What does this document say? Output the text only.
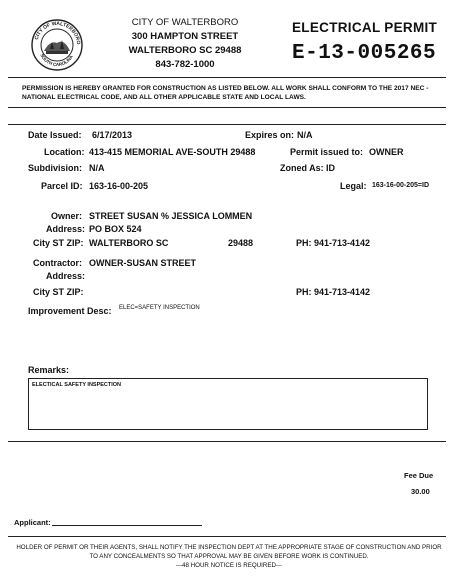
CITY OF WALTERBORO
SOUTH CAROLINA
CITY OF WALTERBORO
300 HAMPTON STREET
WALTERBORO SC 29488
843-782-1000
ELECTRICAL PERMIT
E-13-005265
PERMISSION IS HEREBY GRANTED FOR CONSTRUCTION AS LISTED BELOW. ALL WORK SHALL CONFORM TO THE 2017 NEC - NATIONAL ELECTRICAL CODE, AND ALL OTHER APPLICABLE STATE AND LOCAL LAWS.
Date Issued: 6/17/2013	Expires on: N/A
Location: 413-415 MEMORIAL AVE-SOUTH 29488	Permit issued to: OWNER
Subdivision: N/A	Zoned As: ID
Parcel ID: 163-16-00-205	Legal: 163-16-00-205=ID
Owner: STREET SUSAN % JESSICA LOMMEN
Address: PO BOX 524
City ST ZIP: WALTERBORO SC	29488	PH: 941-713-4142
Contractor: OWNER-SUSAN STREET
Address:
City ST ZIP:	PH: 941-713-4142
Improvement Desc: ELEC=SAFETY INSPECTION
Remarks:
ELECTICAL SAFETY INSPECTION
Fee Due
30.00
Applicant:
HOLDER OF PERMIT OR THEIR AGENTS, SHALL NOTIFY THE INSPECTION DEPT AT THE APPROPRIATE STAGE OF CONSTRUCTION AND PRIOR
TO ANY CONCEALMENTS SO THAT APPROVAL MAY BE GIVEN BEFORE WORK IS CONTINUED.
---48 HOUR NOTICE IS REQUIRED---
